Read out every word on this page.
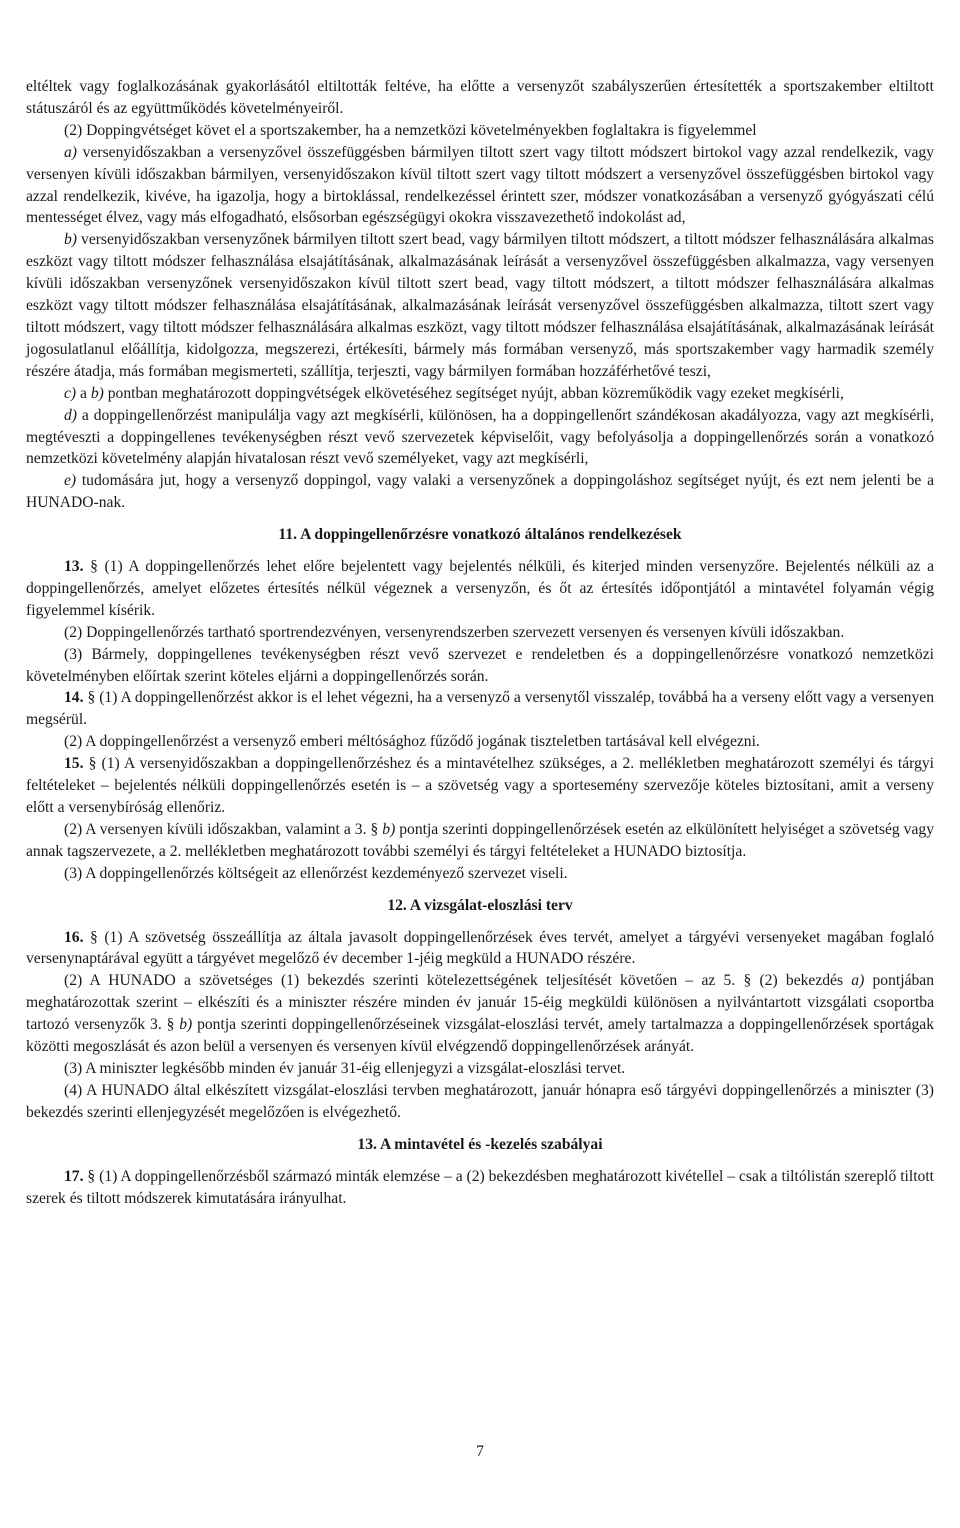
eltéltek vagy foglalkozásának gyakorlásától eltiltották feltéve, ha előtte a versenyzőt szabályszerűen értesítették a sportszakember eltiltott státuszáról és az együttműködés követelményeiről.

(2) Doppingvétséget követ el a sportszakember, ha a nemzetközi követelményekben foglaltakra is figyelemmel

a) versenyidőszakban a versenyzővel összefüggésben bármilyen tiltott szert vagy tiltott módszert birtokol vagy azzal rendelkezik, vagy versenyen kívüli időszakban bármilyen, versenyidőszakon kívül tiltott szert vagy tiltott módszert a versenyzővel összefüggésben birtokol vagy azzal rendelkezik, kivéve, ha igazolja, hogy a birtoklással, rendelkezéssel érintett szer, módszer vonatkozásában a versenyző gyógyászati célú mentességet élvez, vagy más elfogadható, elsősorban egészségügyi okokra visszavezethető indokolást ad,

b) versenyidőszakban versenyzőnek bármilyen tiltott szert bead, vagy bármilyen tiltott módszert, a tiltott módszer felhasználására alkalmas eszközt vagy tiltott módszer felhasználása elsajátításának, alkalmazásának leírását a versenyzővel összefüggésben alkalmazza, vagy versenyen kívüli időszakban versenyzőnek versenyidőszakon kívül tiltott szert bead, vagy tiltott módszert, a tiltott módszer felhasználására alkalmas eszközt vagy tiltott módszer felhasználása elsajátításának, alkalmazásának leírását versenyzővel összefüggésben alkalmazza, tiltott szert vagy tiltott módszert, vagy tiltott módszer felhasználására alkalmas eszközt, vagy tiltott módszer felhasználása elsajátításának, alkalmazásának leírását jogosulatlanul előállítja, kidolgozza, megszerezi, értékesíti, bármely más formában versenyző, más sportszakember vagy harmadik személy részére átadja, más formában megismerteti, szállítja, terjeszti, vagy bármilyen formában hozzáférhetővé teszi,

c) a b) pontban meghatározott doppingvétségek elkövetéséhez segítséget nyújt, abban közreműködik vagy ezeket megkísérli,

d) a doppingellenőrzést manipulálja vagy azt megkísérli, különösen, ha a doppingellenőrt szándékosan akadályozza, vagy azt megkísérli, megtéveszti a doppingellenes tevékenységben részt vevő szervezetek képviselőit, vagy befolyásolja a doppingellenőrzés során a vonatkozó nemzetközi követelmény alapján hivatalosan részt vevő személyeket, vagy azt megkísérli,

e) tudomására jut, hogy a versenyző doppingol, vagy valaki a versenyzőnek a doppingoláshoz segítséget nyújt, és ezt nem jelenti be a HUNADO-nak.

11. A doppingellenőrzésre vonatkozó általános rendelkezések

13. § (1) A doppingellenőrzés lehet előre bejelentett vagy bejelentés nélküli, és kiterjed minden versenyzőre. Bejelentés nélküli az a doppingellenőrzés, amelyet előzetes értesítés nélkül végeznek a versenyzőn, és őt az értesítés időpontjától a mintavétel folyamán végig figyelemmel kísérik.

(2) Doppingellenőrzés tartható sportrendezvényen, versenyrendszerben szervezett versenyen és versenyen kívüli időszakban.

(3) Bármely, doppingellenes tevékenységben részt vevő szervezet e rendeletben és a doppingellenőrzésre vonatkozó nemzetközi követelményben előírtak szerint köteles eljárni a doppingellenőrzés során.

14. § (1) A doppingellenőrzést akkor is el lehet végezni, ha a versenyző a versenytől visszalép, továbbá ha a verseny előtt vagy a versenyen megsérül.

(2) A doppingellenőrzést a versenyző emberi méltósághoz fűződő jogának tiszteletben tartásával kell elvégezni.

15. § (1) A versenyidőszakban a doppingellenőrzéshez és a mintavételhez szükséges, a 2. mellékletben meghatározott személyi és tárgyi feltételeket – bejelentés nélküli doppingellenőrzés esetén is – a szövetség vagy a sportesemény szervezője köteles biztosítani, amit a verseny előtt a versenybíróság ellenőriz.

(2) A versenyen kívüli időszakban, valamint a 3. § b) pontja szerinti doppingellenőrzések esetén az elkülönített helyiséget a szövetség vagy annak tagszervezete, a 2. mellékletben meghatározott további személyi és tárgyi feltételeket a HUNADO biztosítja.

(3) A doppingellenőrzés költségeit az ellenőrzést kezdeményező szervezet viseli.

12. A vizsgálat-eloszlási terv

16. § (1) A szövetség összeállítja az általa javasolt doppingellenőrzések éves tervét, amelyet a tárgyévi versenyeket magában foglaló versenynaptárával együtt a tárgyévet megelőző év december 1-jéig megküld a HUNADO részére.

(2) A HUNADO a szövetséges (1) bekezdés szerinti kötelezettségének teljesítését követően – az 5. § (2) bekezdés a) pontjában meghatározottak szerint – elkészíti és a miniszter részére minden év január 15-éig megküldi különösen a nyilvántartott vizsgálati csoportba tartozó versenyzők 3. § b) pontja szerinti doppingellenőrzéseinek vizsgálat-eloszlási tervét, amely tartalmazza a doppingellenőrzések sportágak közötti megoszlását és azon belül a versenyen és versenyen kívül elvégzendő doppingellenőrzések arányát.

(3) A miniszter legkésőbb minden év január 31-éig ellenjegyzi a vizsgálat-eloszlási tervet.

(4) A HUNADO által elkészített vizsgálat-eloszlási tervben meghatározott, január hónapra eső tárgyévi doppingellenőrzés a miniszter (3) bekezdés szerinti ellenjegyzését megelőzően is elvégezhető.

13. A mintavétel és -kezelés szabályai

17. § (1) A doppingellenőrzésből származó minták elemzése – a (2) bekezdésben meghatározott kivétellel – csak a tiltólistán szereplő tiltott szerek és tiltott módszerek kimutatására irányulhat.

7
